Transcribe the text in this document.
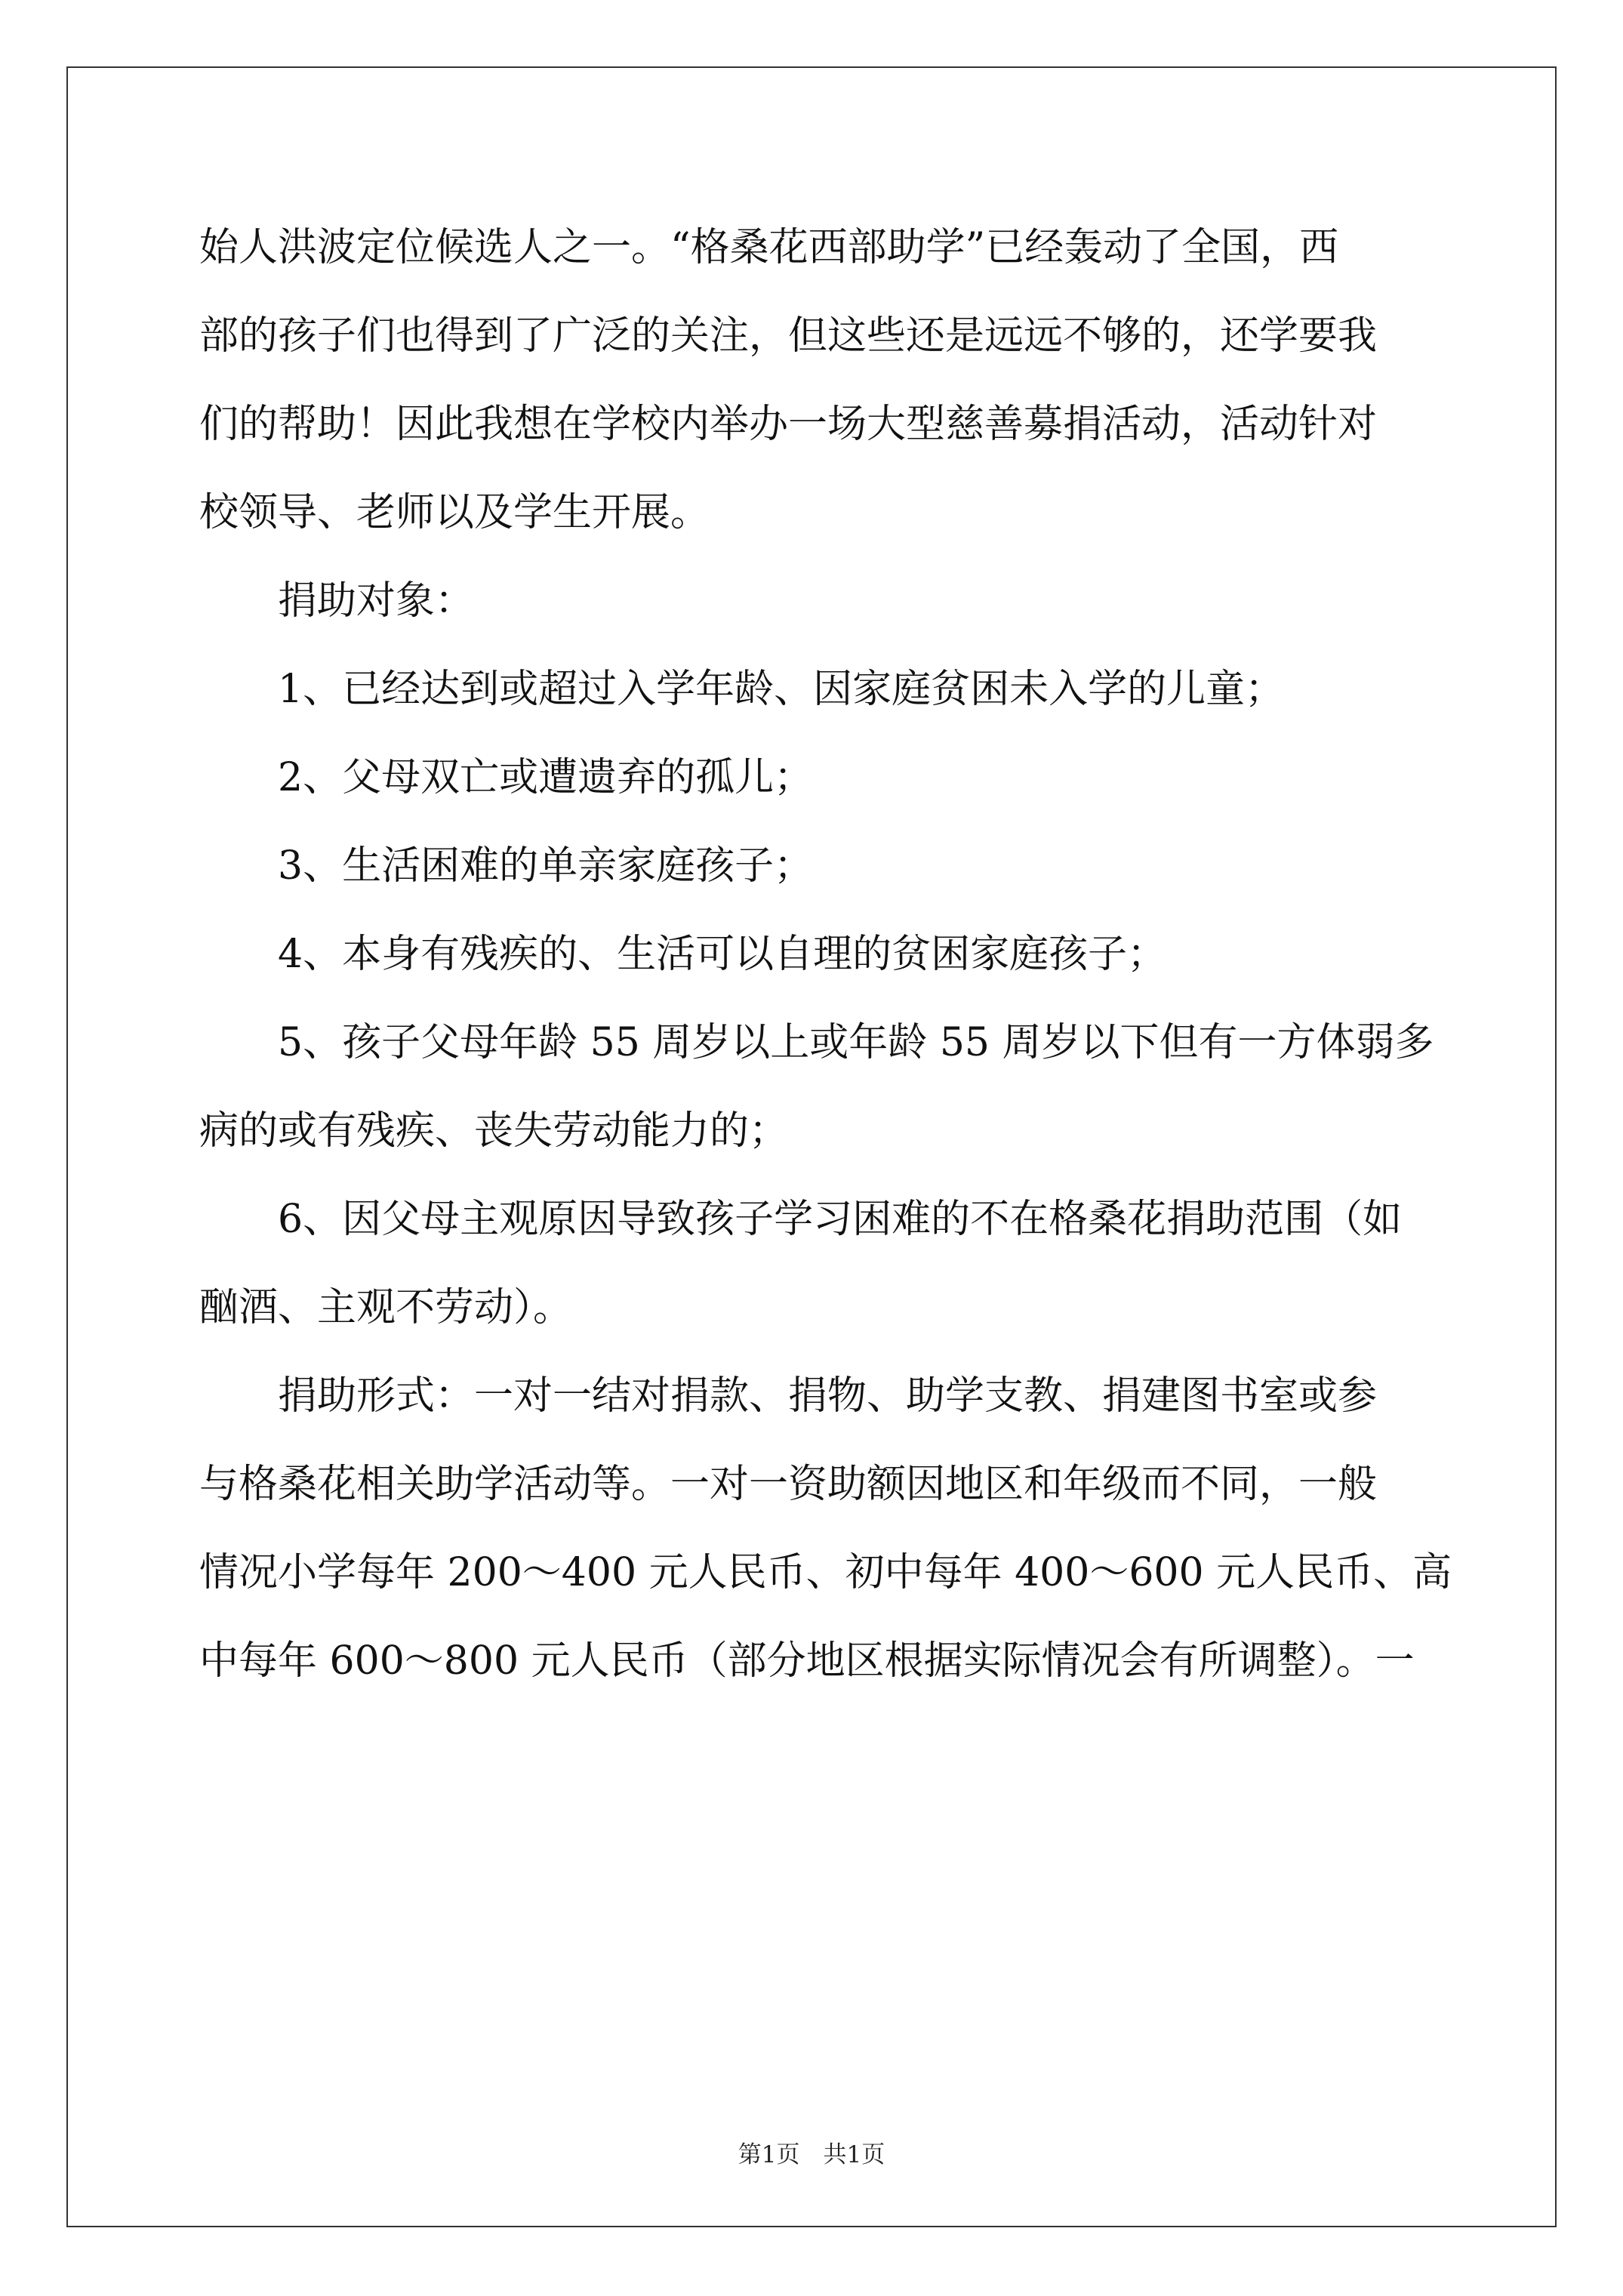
始人洪波定位候选人之一。“格桑花西部助学”已经轰动了全国，西

部的孩子们也得到了广泛的关注，但这些还是远远不够的，还学要我

们的帮助！因此我想在学校内举办一场大型慈善募捐活动，活动针对

校领导、老师以及学生开展。

捐助对象：

1、已经达到或超过入学年龄、因家庭贫困未入学的儿童；

2、父母双亡或遭遗弃的孤儿；

3、生活困难的单亲家庭孩子；

4、本身有残疾的、生活可以自理的贫困家庭孩子；

5、孩子父母年龄 55 周岁以上或年龄 55 周岁以下但有一方体弱多

病的或有残疾、丧失劳动能力的；

6、因父母主观原因导致孩子学习困难的不在格桑花捐助范围（如

酗酒、主观不劳动）。

捐助形式：一对一结对捐款、捐物、助学支教、捐建图书室或参

与格桑花相关助学活动等。一对一资助额因地区和年级而不同，一般

情况小学每年 200～400 元人民币、初中每年 400～600 元人民币、高

中每年 600～800 元人民币（部分地区根据实际情况会有所调整）。一

第1页　共1页
